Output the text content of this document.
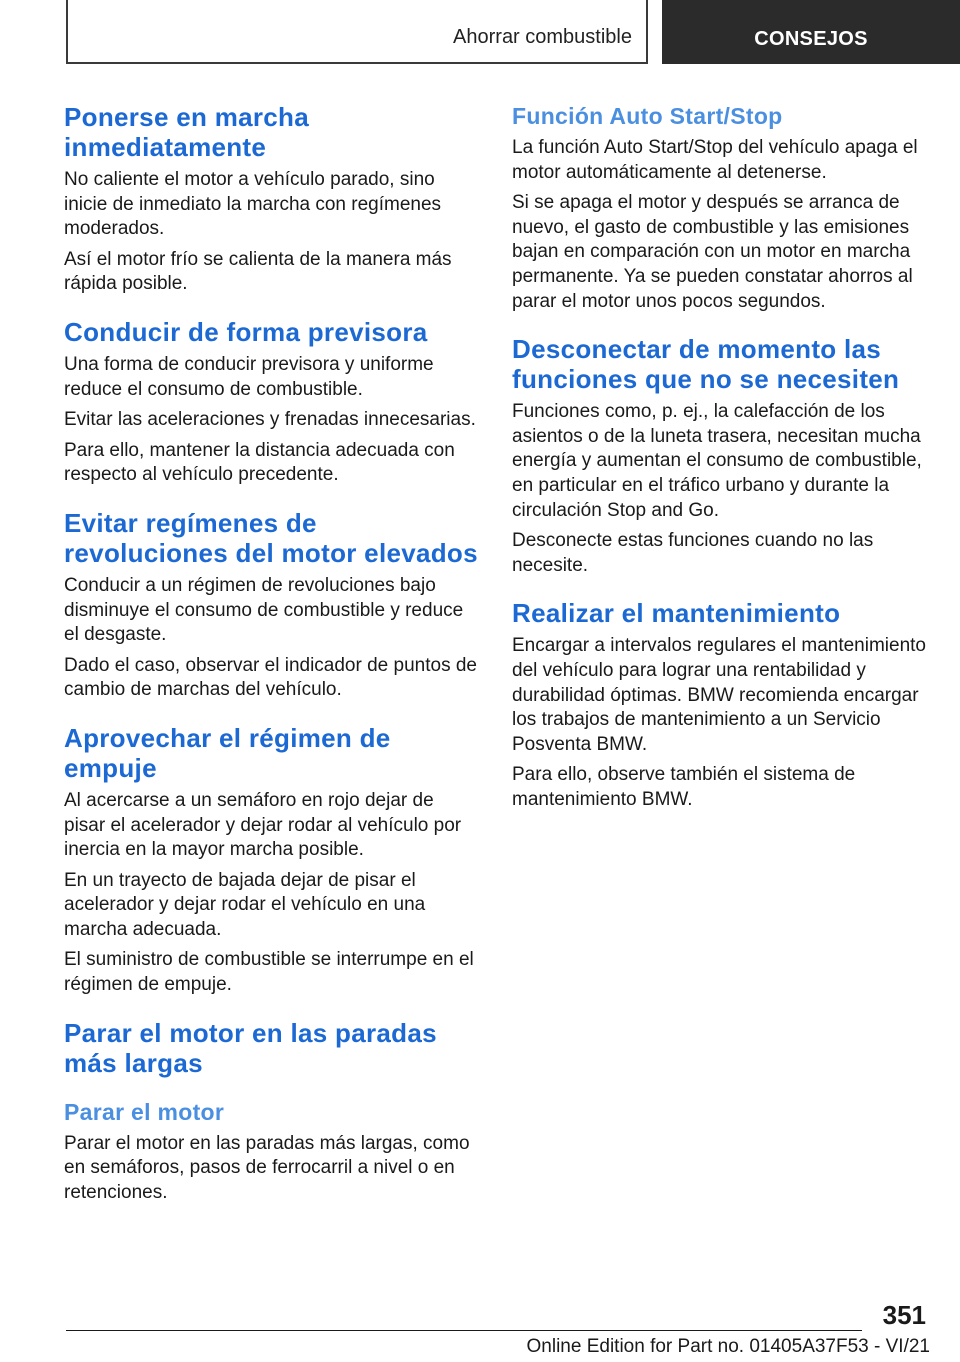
Ahorrar combustible	CONSEJOS
Ponerse en marcha inmediatamente

No caliente el motor a vehículo parado, sino inicie de inmediato la marcha con regímenes moderados.

Así el motor frío se calienta de la manera más rápida posible.

Conducir de forma previsora

Una forma de conducir previsora y uniforme reduce el consumo de combustible.

Evitar las aceleraciones y frenadas innecesarias.

Para ello, mantener la distancia adecuada con respecto al vehículo precedente.

Evitar regímenes de revoluciones del motor elevados

Conducir a un régimen de revoluciones bajo disminuye el consumo de combustible y reduce el desgaste.

Dado el caso, observar el indicador de puntos de cambio de marchas del vehículo.

Aprovechar el régimen de empuje

Al acercarse a un semáforo en rojo dejar de pisar el acelerador y dejar rodar al vehículo por inercia en la mayor marcha posible.

En un trayecto de bajada dejar de pisar el acelerador y dejar rodar el vehículo en una marcha adecuada.

El suministro de combustible se interrumpe en el régimen de empuje.

Parar el motor en las paradas más largas
Parar el motor

Parar el motor en las paradas más largas, como en semáforos, pasos de ferrocarril a nivel o en retenciones.

Función Auto Start/Stop

La función Auto Start/Stop del vehículo apaga el motor automáticamente al detenerse.

Si se apaga el motor y después se arranca de nuevo, el gasto de combustible y las emisiones bajan en comparación con un motor en marcha permanente. Ya se pueden constatar ahorros al parar el motor unos pocos segundos.

Desconectar de momento las funciones que no se necesiten

Funciones como, p. ej., la calefacción de los asientos o de la luneta trasera, necesitan mucha energía y aumentan el consumo de combustible, en particular en el tráfico urbano y durante la circulación Stop and Go.

Desconecte estas funciones cuando no las necesite.

Realizar el mantenimiento

Encargar a intervalos regulares el mantenimiento del vehículo para lograr una rentabilidad y durabilidad óptimas. BMW recomienda encargar los trabajos de mantenimiento a un Servicio Posventa BMW.

Para ello, observe también el sistema de mantenimiento BMW.

351
Online Edition for Part no. 01405A37F53 - VI/21
